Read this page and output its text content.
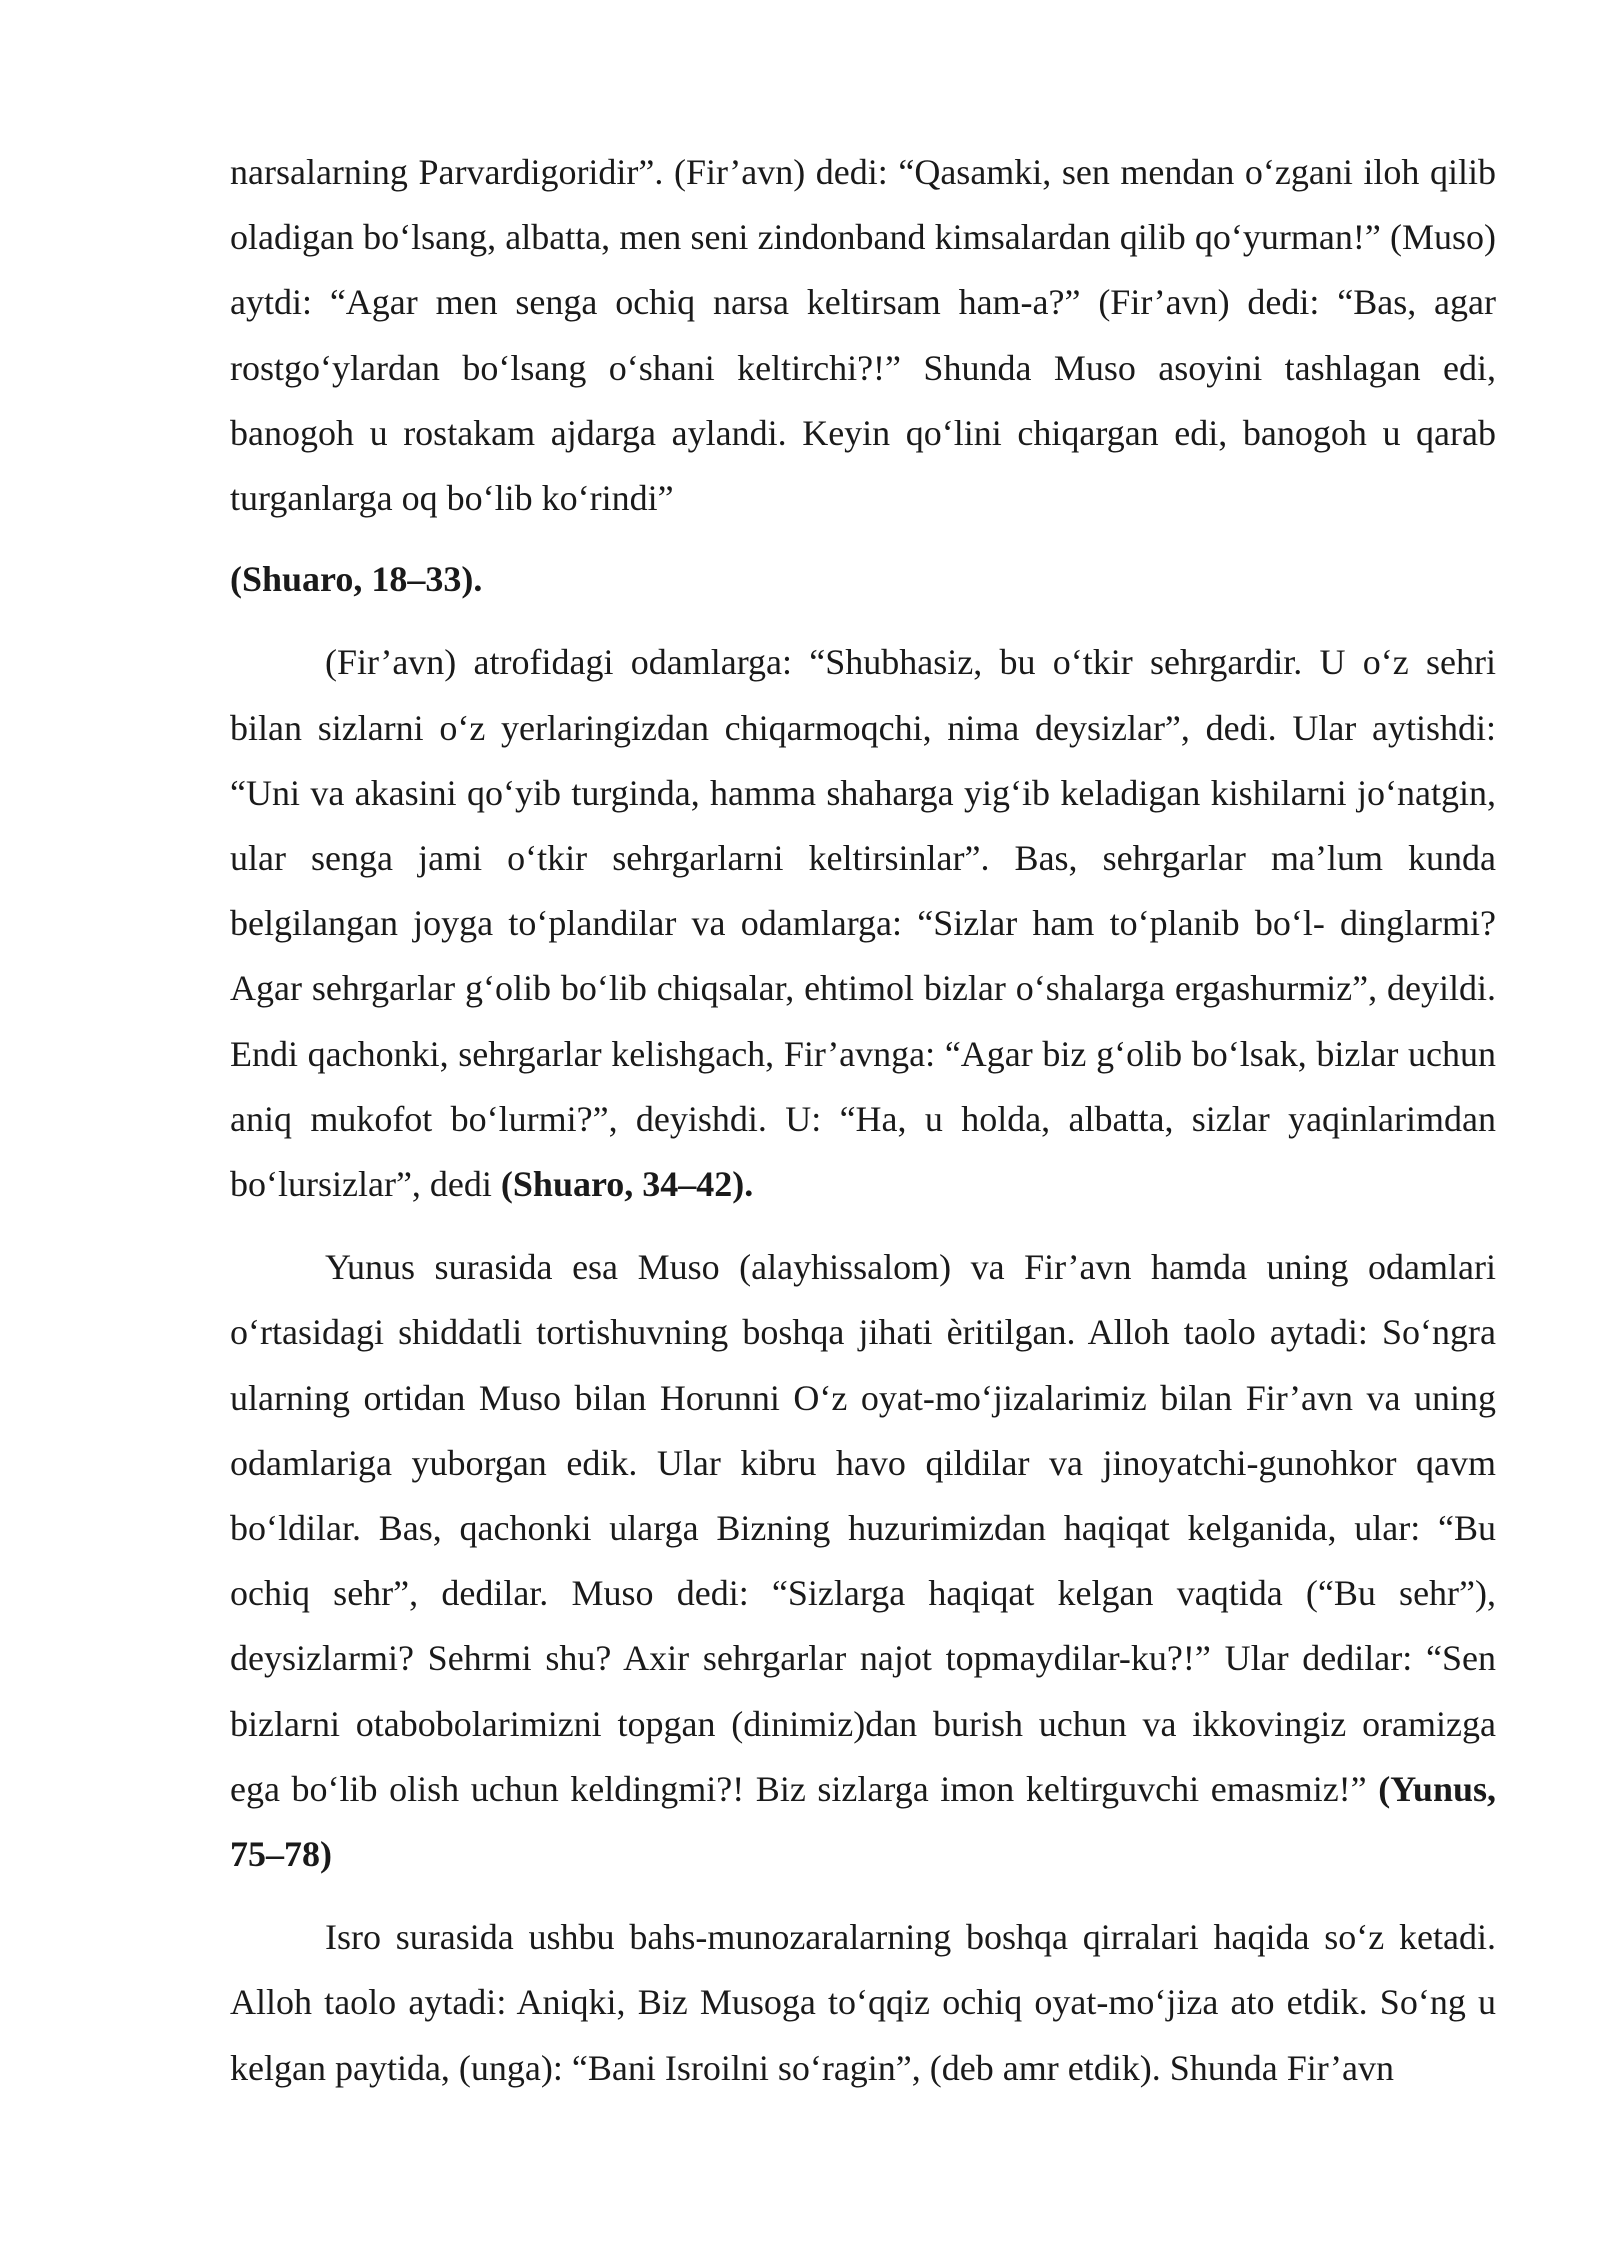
narsalarning Parvardigoridir”. (Fir’avn) dedi: “Qasamki, sen mendan o‘zgani iloh qilib oladigan bo‘lsang, albatta, men seni zindonband kimsalardan qilib qo‘yurman!” (Muso) aytdi: “Agar men senga ochiq narsa keltirsam ham-a?” (Fir’avn) dedi: “Bas, agar rostgo‘ylardan bo‘lsang o‘shani keltirchi?!” Shunda Muso asoyini tashlagan edi, banogoh u rostakam ajdarga aylandi. Keyin qo‘lini chiqargan edi, banogoh u qarab turganlarga oq bo‘lib ko‘rindi”

(Shuaro, 18–33).

(Fir’avn) atrofidagi odamlarga: “Shubhasiz, bu o‘tkir sehrgardir. U o‘z sehri bilan sizlarni o‘z yerlaringizdan chiqarmoqchi, nima deysizlar”, dedi. Ular aytishdi: “Uni va akasini qo‘yib turginda, hamma shaharga yig‘ib keladigan kishilarni jo‘natgin, ular senga jami o‘tkir sehrgarlarni keltirsinlar”. Bas, sehrgarlar ma’lum kunda belgilangan joyga to‘plandilar va odamlarga: “Sizlar ham to‘planib bo‘l- dinglarmi? Agar sehrgarlar g‘olib bo‘lib chiqsalar, ehtimol bizlar o‘shalarga ergashurmiz”, deyildi. Endi qachonki, sehrgarlar kelishgach, Fir’avnga: “Agar biz g‘olib bo‘lsak, bizlar uchun aniq mukofot bo‘lurmi?”, deyishdi. U: “Ha, u holda, albatta, sizlar yaqinlarimdan bo‘lursizlar”, dedi (Shuaro, 34–42).

Yunus surasida esa Muso (alayhissalom) va Fir’avn hamda uning odamlari o‘rtasidagi shiddatli tortishuvning boshqa jihati èritilgan. Alloh taolo aytadi: So‘ngra ularning ortidan Muso bilan Horunni O‘z oyat-mo‘jizalarimiz bilan Fir’avn va uning odamlariga yuborgan edik. Ular kibru havo qildilar va jinoyatchi-gunohkor qavm bo‘ldilar. Bas, qachonki ularga Bizning huzurimizdan haqiqat kelganida, ular: “Bu ochiq sehr”, dedilar. Muso dedi: “Sizlarga haqiqat kelgan vaqtida (“Bu sehr”), deysizlarmi? Sehrmi shu? Axir sehrgarlar najot topmaydilar-ku?!” Ular dedilar: “Sen bizlarni otabobolarimizni topgan (dinimiz)dan burish uchun va ikkovingiz oramizga ega bo‘lib olish uchun keldingmi?! Biz sizlarga imon keltirguvchi emasmiz!” (Yunus, 75–78)

Isro surasida ushbu bahs-munozaralarning boshqa qirralari haqida so‘z ketadi. Alloh taolo aytadi: Aniqki, Biz Musoga to‘qqiz ochiq oyat-mo‘jiza ato etdik. So‘ng u kelgan paytida, (unga): “Bani Isroilni so‘ragin”, (deb amr etdik). Shunda Fir’avn
